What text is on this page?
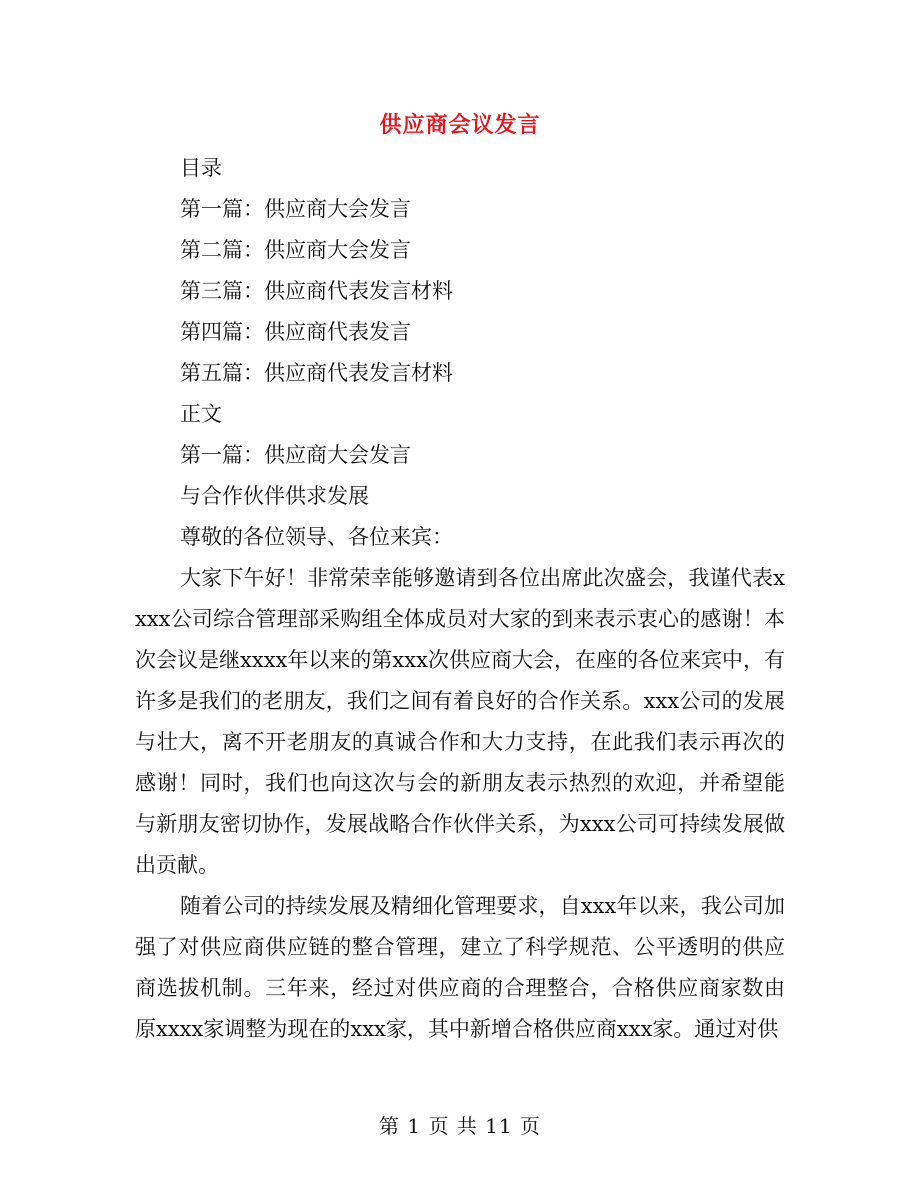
供应商会议发言
目录
第一篇：供应商大会发言
第二篇：供应商大会发言
第三篇：供应商代表发言材料
第四篇：供应商代表发言
第五篇：供应商代表发言材料
正文
第一篇：供应商大会发言
与合作伙伴供求发展
尊敬的各位领导、各位来宾：
大家下午好！非常荣幸能够邀请到各位出席此次盛会，我谨代表xxxx公司综合管理部采购组全体成员对大家的到来表示衷心的感谢！本次会议是继xxxx年以来的第xxx次供应商大会，在座的各位来宾中，有许多是我们的老朋友，我们之间有着良好的合作关系。xxx公司的发展与壮大，离不开老朋友的真诚合作和大力支持，在此我们表示再次的感谢！同时，我们也向这次与会的新朋友表示热烈的欢迎，并希望能与新朋友密切协作，发展战略合作伙伴关系，为xxx公司可持续发展做出贡献。
随着公司的持续发展及精细化管理要求，自xxx年以来，我公司加强了对供应商供应链的整合管理，建立了科学规范、公平透明的供应商选拔机制。三年来，经过对供应商的合理整合，合格供应商家数由原xxxx家调整为现在的xxx家，其中新增合格供应商xxx家。通过对供
第 1 页 共 11 页
